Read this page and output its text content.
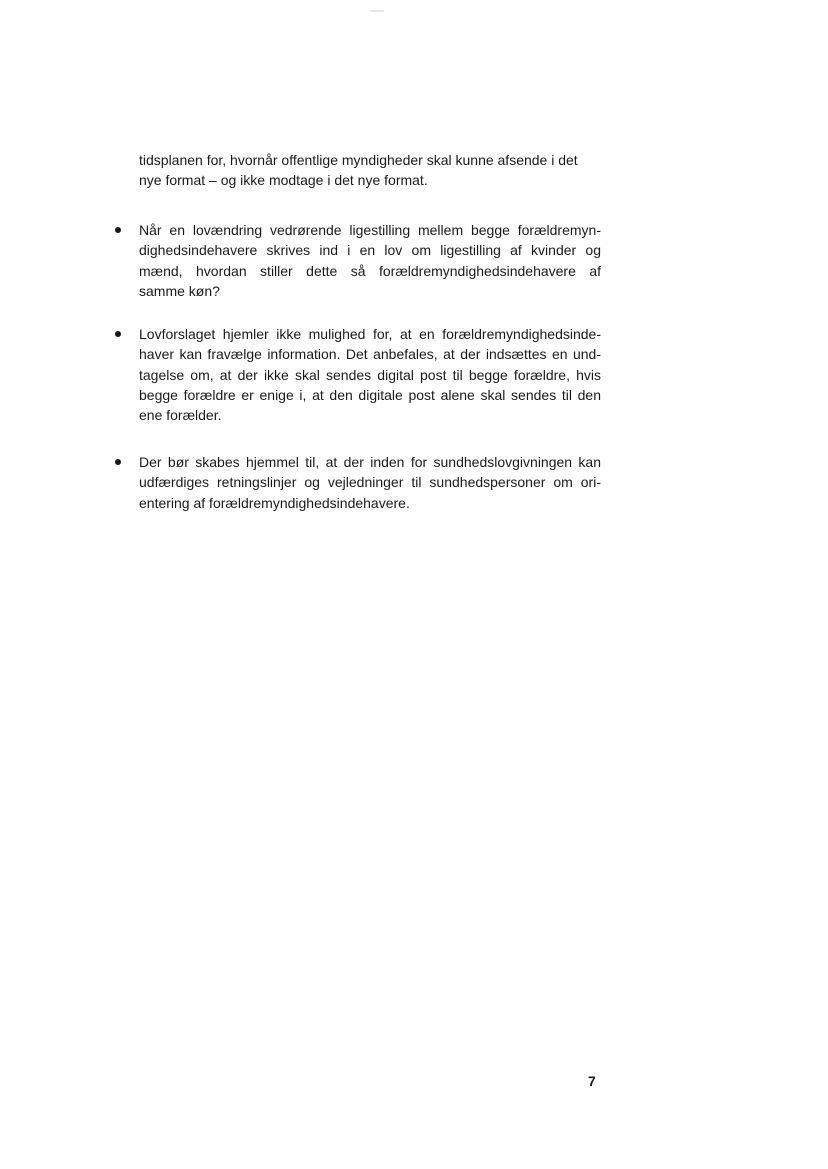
tidsplanen for, hvornår offentlige myndigheder skal kunne afsende i det
nye format – og ikke modtage i det nye format.
Når en lovændring vedrørende ligestilling mellem begge forældremyn-
dighedsindehavere skrives ind i en lov om ligestilling af kvinder og
mænd, hvordan stiller dette så forældremyndighedsindehavere af
samme køn?
Lovforslaget hjemler ikke mulighed for, at en forældremyndighedsinde-
haver kan fravælge information. Det anbefales, at der indsættes en und-
tagelse om, at der ikke skal sendes digital post til begge forældre, hvis
begge forældre er enige i, at den digitale post alene skal sendes til den
ene forælder.
Der bør skabes hjemmel til, at der inden for sundhedslovgivningen kan
udfærdiges retningslinjer og vejledninger til sundhedspersoner om ori-
entering af forældremyndighedsindehavere.
7
